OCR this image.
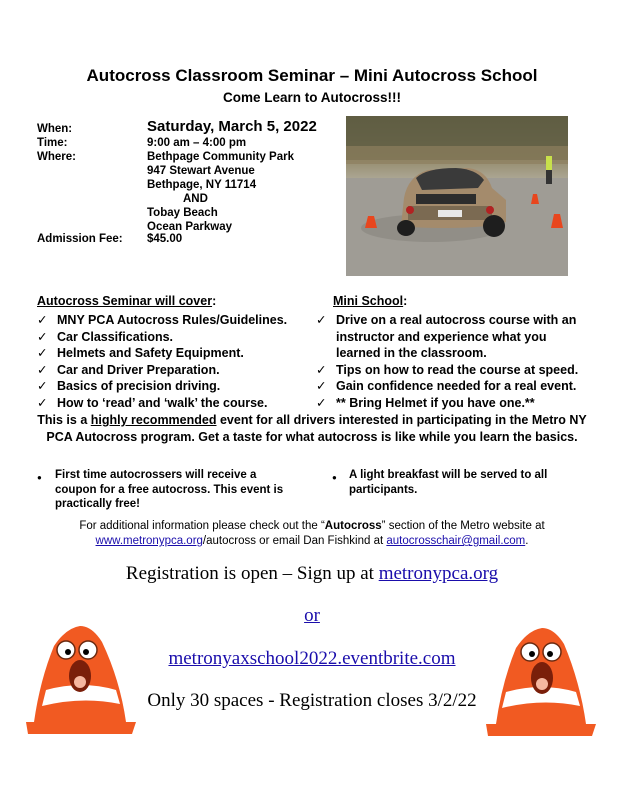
Autocross Classroom Seminar – Mini Autocross School
Come Learn to Autocross!!!
When:	Saturday, March 5, 2022
Time:	9:00 am – 4:00 pm
Where:	Bethpage Community Park
947 Stewart Avenue
Bethpage, NY 11714
AND
Tobay Beach
Ocean Parkway
Admission Fee: $45.00
Autocross Seminar will cover:
✓ MNY PCA Autocross Rules/Guidelines.
✓ Car Classifications.
✓ Helmets and Safety Equipment.
✓ Car and Driver Preparation.
✓ Basics of precision driving.
✓ How to ‘read’ and ‘walk’ the course.
Mini School:
✓ Drive on a real autocross course with an instructor and experience what you learned in the classroom.
✓ Tips on how to read the course at speed.
✓ Gain confidence needed for a real event.
✓ ** Bring Helmet if you have one.**
This is a highly recommended event for all drivers interested in participating in the Metro NY PCA Autocross program. Get a taste for what autocross is like while you learn the basics.
● First time autocrossers will receive a coupon for a free autocross. This event is practically free!
● A light breakfast will be served to all participants.
For additional information please check out the “Autocross” section of the Metro website at
www.metronypca.org/autocross or email Dan Fishkind at autocrosschair@gmail.com.
Registration is open – Sign up at metronypca.org
or
metronyaxschool2022.eventbrite.com
Only 30 spaces - Registration closes 3/2/22
